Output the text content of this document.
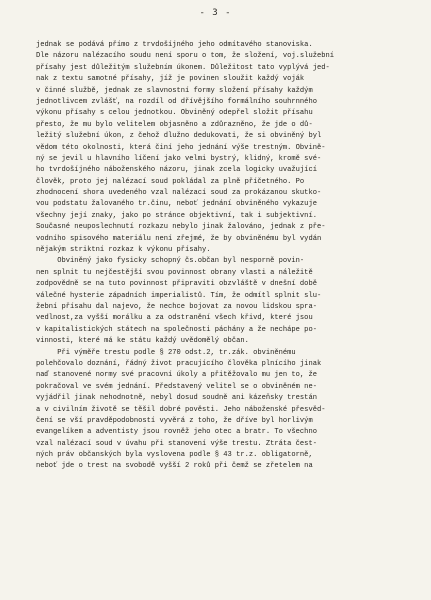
- 3 -
jednak se podává přímo z trvdošíjného jeho odmítavého stanoviska.
Dle názoru nalézacího soudu není sporu o tom, že složení, voj.služební
přísahy jest důležitým služebním úkonem. Důležitost tato vyplývá jed-
nak z textu samotné přísahy, jíž je povinen sloužit každý voják
v činné službě, jednak ze slavnostní formy složení přísahy každým
jednotlivcem zvlášť, na rozdíl od dřívějšího formálního souhrnného
výkonu přísahy s celou jednotkou. Obviněný odepřel složit přísahu
přesto, že mu bylo velitelem objasněno a zdůrazněno, že jde o dů-
ležitý služební úkon, z čehož dlužno dedukovati, že si obviněný byl
vědom této okolnosti, která činí jeho jednání výše trestným. Obvině-
ný se jevil u hlavního líčení jako velmi bystrý, klidný, kromě své-
ho tvrdošíjného náboženského názoru, jinak zcela logicky uvažující
člověk, proto jej nalézací soud pokládal za plně příčetného. Po
zhodnocení shora uvedeného vzal nalézací soud za prokázanou skutko-
vou podstatu žalovaného tr.činu, neboť jednání obviněného vykazuje
všechny její znaky, jako po stránce objektivní, tak i subjektivní.
Současné neuposlechnutí rozkazu nebylo jinak žalováno, jednak z pře-
vodního spisového materiálu není zřejmé, že by obviněnému byl vydán
nějakým striktní rozkaz k výkonu přísahy.
Obviněný jako fysicky schopný čs.občan byl nesporně povin-
nen splnit tu nejčestější svou povinnost obrany vlasti a náležitě
zodpovědně se na tuto povinnost připraviti obzvláště v dnešní době
válečné hysterie západních imperialistů. Tím, že odmítl splnit slu-
žební přísahu dal najevo, že nechce bojovat za novou lidskou spra-
vedlnost,za vyšší morálku a za odstranění všech křivd, které jsou
v kapitalistických státech na společnosti páchány a že nechápe po-
vinnosti, které má ke státu každý uvědomělý občan.
Při výměře trestu podle § 270 odst.2, tr.zák. obviněnému
polehčovalo doznání, řádný život pracujícího člověka plnícího jinak
naď stanovené normy své pracovní úkoly a přitěžovalo mu jen to, že
pokračoval ve svém jednání. Představený velitel se o obviněném ne-
vyjádřil jinak nehodnotně, nebyl dosud soudně ani kázeňsky trestán
a v civilním životě se těšil dobré pověsti. Jeho náboženské přesvěd-
čení se vší pravděpodobností vyvěrá z toho, že dříve byl horlivým
evangelíkem a adventisty jsou rovněž jeho otec a bratr. To všechno
vzal nalézací soud v úvahu při stanovení výše trestu. Ztráta čest-
ných práv občanských byla vyslovena podle § 43 tr.z. obligatorně,
neboť jde o trest na svobodě vyšší 2 roků při čemž se zřetelem na
